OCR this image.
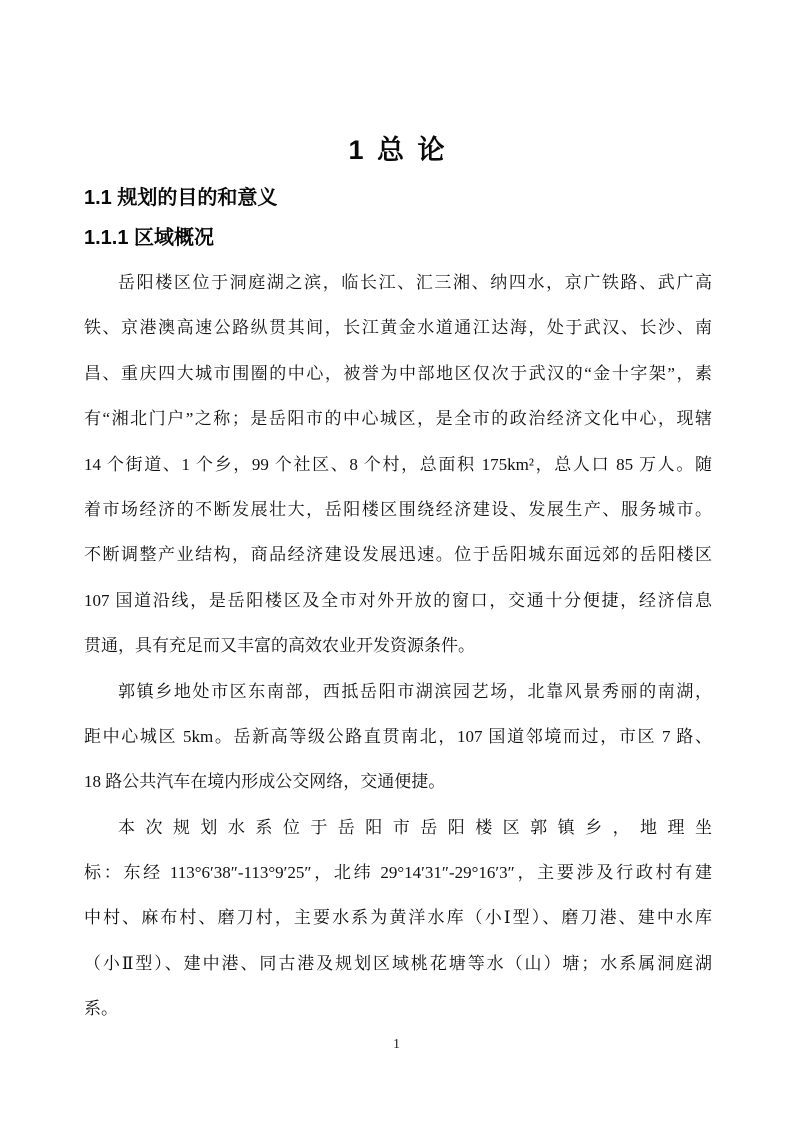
1 总 论
1.1 规划的目的和意义
1.1.1 区域概况
岳阳楼区位于洞庭湖之滨，临长江、汇三湘、纳四水，京广铁路、武广高
铁、京港澳高速公路纵贯其间，长江黄金水道通江达海，处于武汉、长沙、南
昌、重庆四大城市围圈的中心，被誉为中部地区仅次于武汉的“金十字架”，素
有“湘北门户”之称；是岳阳市的中心城区，是全市的政治经济文化中心，现辖
14 个街道、1 个乡，99 个社区、8 个村，总面积 175km²，总人口 85 万人。随
着市场经济的不断发展壮大，岳阳楼区围绕经济建设、发展生产、服务城市。
不断调整产业结构，商品经济建设发展迅速。位于岳阳城东面远郊的岳阳楼区
107 国道沿线，是岳阳楼区及全市对外开放的窗口，交通十分便捷，经济信息
贯通，具有充足而又丰富的高效农业开发资源条件。
郭镇乡地处市区东南部，西抵岳阳市湖滨园艺场，北靠风景秀丽的南湖，
距中心城区 5km。岳新高等级公路直贯南北，107 国道邻境而过，市区 7 路、
18 路公共汽车在境内形成公交网络，交通便捷。
本次规划水系位于岳阳市岳阳楼区郭镇乡，地理坐
标：东经 113°6′38″-113°9′25″，北纬 29°14′31″-29°16′3″，主要涉及行政村有建
中村、麻布村、磨刀村，主要水系为黄洋水库（小Ⅰ型）、磨刀港、建中水库
（小Ⅱ型）、建中港、同古港及规划区域桃花塘等水（山）塘；水系属洞庭湖
系。
1
